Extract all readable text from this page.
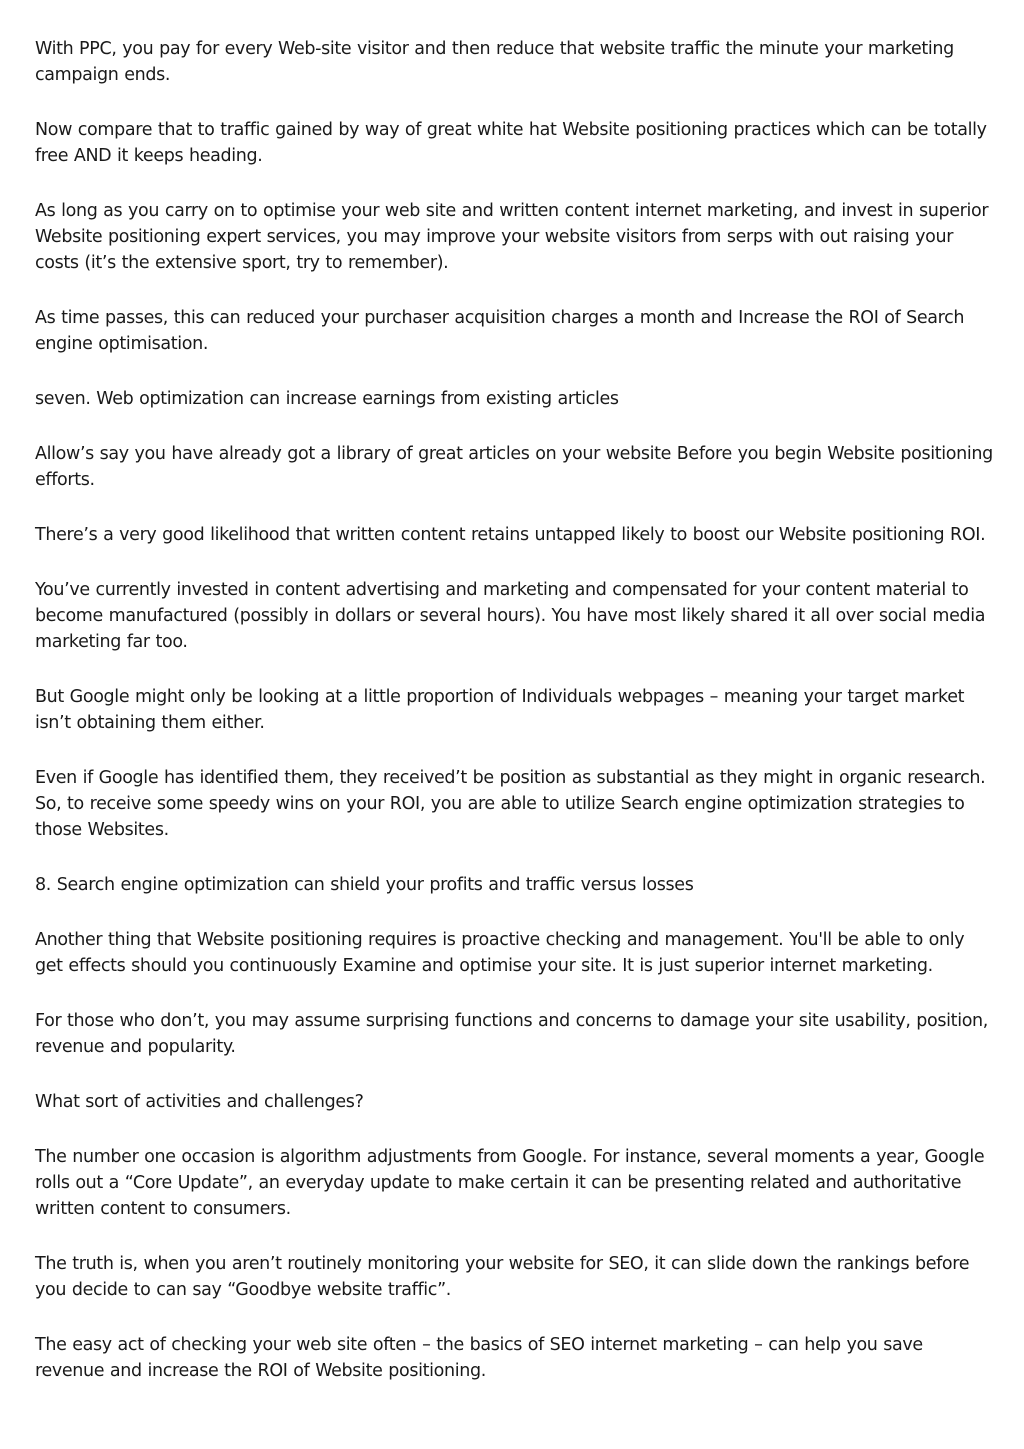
With PPC, you pay for every Web-site visitor and then reduce that website traffic the minute your marketing campaign ends.

Now compare that to traffic gained by way of great white hat Website positioning practices which can be totally free AND it keeps heading.

As long as you carry on to optimise your web site and written content internet marketing, and invest in superior Website positioning expert services, you may improve your website visitors from serps with out raising your costs (it’s the extensive sport, try to remember).

As time passes, this can reduced your purchaser acquisition charges a month and Increase the ROI of Search engine optimisation.

seven. Web optimization can increase earnings from existing articles

Allow’s say you have already got a library of great articles on your website Before you begin Website positioning efforts.

There’s a very good likelihood that written content retains untapped likely to boost our Website positioning ROI.

You’ve currently invested in content advertising and marketing and compensated for your content material to become manufactured (possibly in dollars or several hours). You have most likely shared it all over social media marketing far too.

But Google might only be looking at a little proportion of Individuals webpages – meaning your target market isn’t obtaining them either.

Even if Google has identified them, they received’t be position as substantial as they might in organic research. So, to receive some speedy wins on your ROI, you are able to utilize Search engine optimization strategies to those Websites.

8. Search engine optimization can shield your profits and traffic versus losses

Another thing that Website positioning requires is proactive checking and management. You'll be able to only get effects should you continuously Examine and optimise your site. It is just superior internet marketing.

For those who don’t, you may assume surprising functions and concerns to damage your site usability, position, revenue and popularity.

What sort of activities and challenges?

The number one occasion is algorithm adjustments from Google. For instance, several moments a year, Google rolls out a “Core Update”, an everyday update to make certain it can be presenting related and authoritative written content to consumers.

The truth is, when you aren’t routinely monitoring your website for SEO, it can slide down the rankings before you decide to can say “Goodbye website traffic”.

The easy act of checking your web site often – the basics of SEO internet marketing – can help you save revenue and increase the ROI of Website positioning.
